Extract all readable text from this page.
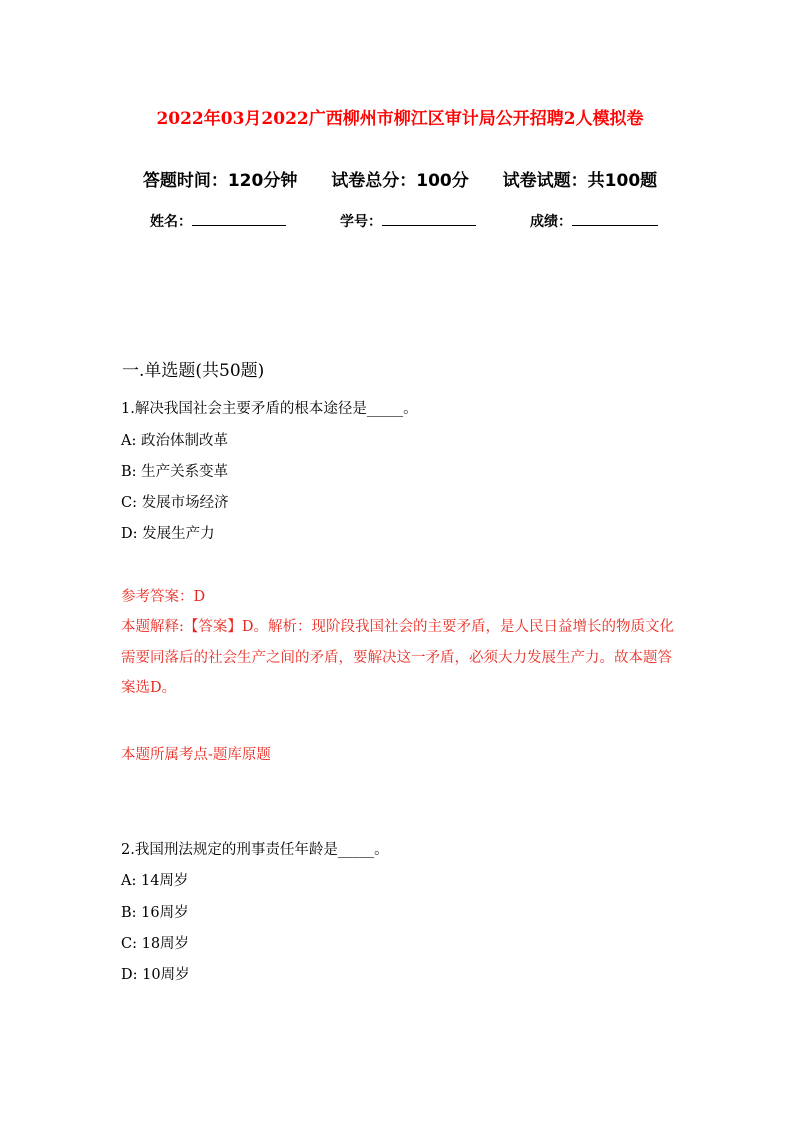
2022年03月2022广西柳州市柳江区审计局公开招聘2人模拟卷
答题时间：120分钟 试卷总分：100分 试卷试题：共100题
姓名：	学号：	成绩：
一.单选题(共50题)
1.解决我国社会主要矛盾的根本途径是_____。
A: 政治体制改革
B: 生产关系变革
C: 发展市场经济
D: 发展生产力
参考答案：D
本题解释:【答案】D。解析：现阶段我国社会的主要矛盾，是人民日益增长的物质文化需要同落后的社会生产之间的矛盾，要解决这一矛盾，必须大力发展生产力。故本题答案选D。
本题所属考点-题库原题
2.我国刑法规定的刑事责任年龄是_____。
A: 14周岁
B: 16周岁
C: 18周岁
D: 10周岁
